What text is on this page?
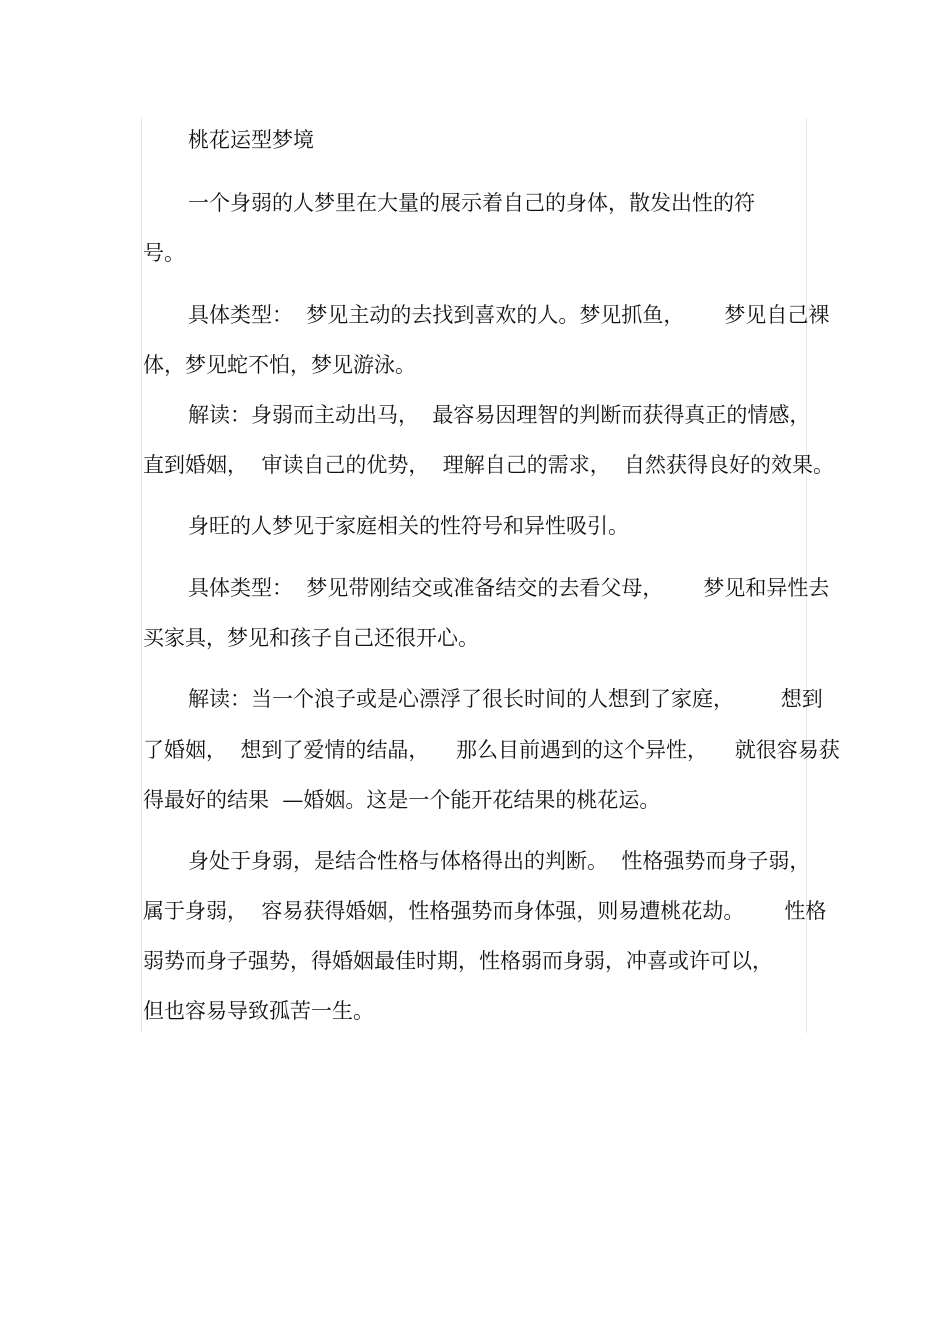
桃花运型梦境
一个身弱的人梦里在大量的展示着自己的身体，散发出性的符
号。
具体类型：  梦见主动的去找到喜欢的人。梦见抓鱼，      梦见自己裸
体，梦见蛇不怕，梦见游泳。
解读：身弱而主动出马，  最容易因理智的判断而获得真正的情感，
直到婚姻，  审读自己的优势，  理解自己的需求，  自然获得良好的效果。
身旺的人梦见于家庭相关的性符号和异性吸引。
具体类型：  梦见带刚结交或准备结交的去看父母，      梦见和异性去
买家具，梦见和孩子自己还很开心。
解读：当一个浪子或是心漂浮了很长时间的人想到了家庭，       想到
了婚姻，  想到了爱情的结晶，    那么目前遇到的这个异性，    就很容易获
得最好的结果  —婚姻。这是一个能开花结果的桃花运。
身处于身弱，是结合性格与体格得出的判断。  性格强势而身子弱，
属于身弱，  容易获得婚姻，性格强势而身体强，则易遭桃花劫。      性格
弱势而身子强势，得婚姻最佳时期，性格弱而身弱，冲喜或许可以，
但也容易导致孤苦一生。
